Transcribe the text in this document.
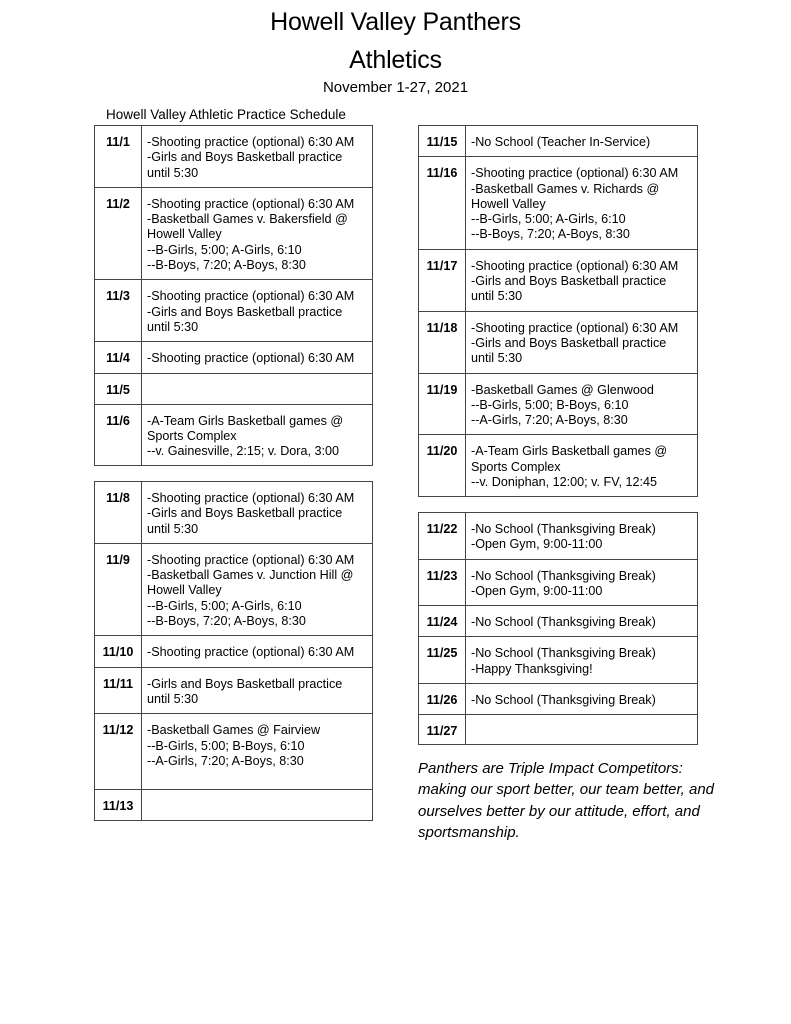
Howell Valley Panthers
Athletics
November 1-27, 2021
Howell Valley Athletic Practice Schedule
11/1	-Shooting practice (optional) 6:30 AM
-Girls and Boys Basketball practice
until 5:30

11/2	-Shooting practice (optional) 6:30 AM
-Basketball Games v. Bakersfield @
Howell Valley
--B-Girls, 5:00; A-Girls, 6:10
--B-Boys, 7:20; A-Boys, 8:30

11/3	-Shooting practice (optional) 6:30 AM
-Girls and Boys Basketball practice
until 5:30

11/4	-Shooting practice (optional) 6:30 AM

11/5	
11/6	-A-Team Girls Basketball games @
Sports Complex
--v. Gainesville, 2:15; v. Dora, 3:00
11/8	-Shooting practice (optional) 6:30 AM
-Girls and Boys Basketball practice
until 5:30

11/9	-Shooting practice (optional) 6:30 AM
-Basketball Games v. Junction Hill @
Howell Valley
--B-Girls, 5:00; A-Girls, 6:10
--B-Boys, 7:20; A-Boys, 8:30

11/10	-Shooting practice (optional) 6:30 AM

11/11	-Girls and Boys Basketball practice
until 5:30

11/12	-Basketball Games @ Fairview
--B-Girls, 5:00; B-Boys, 6:10
--A-Girls, 7:20; A-Boys, 8:30

11/13	
11/15	-No School (Teacher In-Service)

11/16	-Shooting practice (optional) 6:30 AM
-Basketball Games v. Richards @
Howell Valley
--B-Girls, 5:00; A-Girls, 6:10
--B-Boys, 7:20; A-Boys, 8:30

11/17	-Shooting practice (optional) 6:30 AM
-Girls and Boys Basketball practice
until 5:30

11/18	-Shooting practice (optional) 6:30 AM
-Girls and Boys Basketball practice
until 5:30

11/19	-Basketball Games @ Glenwood
--B-Girls, 5:00; B-Boys, 6:10
--A-Girls, 7:20; A-Boys, 8:30

11/20	-A-Team Girls Basketball games @
Sports Complex
--v. Doniphan, 12:00; v. FV, 12:45
11/22	-No School (Thanksgiving Break)
-Open Gym, 9:00-11:00

11/23	-No School (Thanksgiving Break)
-Open Gym, 9:00-11:00

11/24	-No School (Thanksgiving Break)

11/25	-No School (Thanksgiving Break)
-Happy Thanksgiving!

11/26	-No School (Thanksgiving Break)

11/27	
Panthers are Triple Impact Competitors: making our sport better, our team better, and ourselves better by our attitude, effort, and sportsmanship.
